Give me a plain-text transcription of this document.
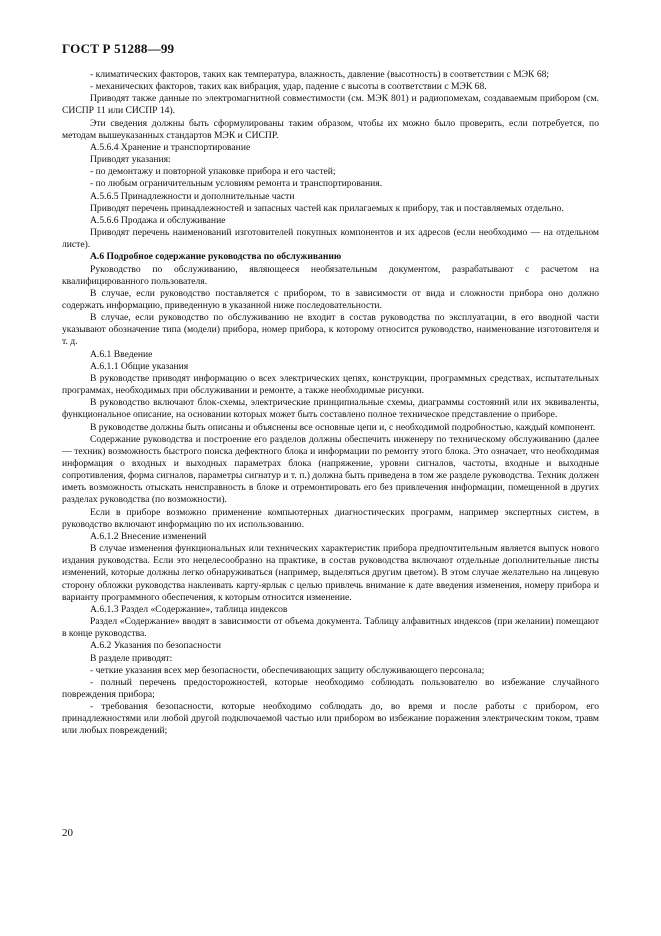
ГОСТ Р 51288—99

- климатических факторов, таких как температура, влажность, давление (высотность) в соответствии с МЭК 68;

- механических факторов, таких как вибрация, удар, падение с высоты в соответствии с МЭК 68.

Приводят также данные по электромагнитной совместимости (см. МЭК 801) и радиопомехам, создаваемым прибором (см. СИСПР 11 или СИСПР 14).

Эти сведения должны быть сформулированы таким образом, чтобы их можно было проверить, если потребуется, по методам вышеуказанных стандартов МЭК и СИСПР.

А.5.6.4 Хранение и транспортирование

Приводят указания:

- по демонтажу и повторной упаковке прибора и его частей;

- по любым ограничительным условиям ремонта и транспортирования.

А.5.6.5 Принадлежности и дополнительные части

Приводят перечень принадлежностей и запасных частей как прилагаемых к прибору, так и поставляемых отдельно.

А.5.6.6 Продажа и обслуживание

Приводят перечень наименований изготовителей покупных компонентов и их адресов (если необходимо — на отдельном листе).

А.6 Подробное содержание руководства по обслуживанию

Руководство по обслуживанию, являющееся необязательным документом, разрабатывают с расчетом на квалифицированного пользователя.

В случае, если руководство поставляется с прибором, то в зависимости от вида и сложности прибора оно должно содержать информацию, приведенную в указанной ниже последовательности.

В случае, если руководство по обслуживанию не входит в состав руководства по эксплуатации, в его вводной части указывают обозначение типа (модели) прибора, номер прибора, к которому относится руководство, наименование изготовителя и т. д.

А.6.1 Введение

А.6.1.1 Общие указания

В руководстве приводят информацию о всех электрических цепях, конструкции, программных средствах, испытательных программах, необходимых при обслуживании и ремонте, а также необходимые рисунки.

В руководство включают блок-схемы, электрические принципиальные схемы, диаграммы состояний или их эквиваленты, функциональное описание, на основании которых может быть составлено полное техническое представление о приборе.

В руководстве должны быть описаны и объяснены все основные цепи и, с необходимой подробностью, каждый компонент.

Содержание руководства и построение его разделов должны обеспечить инженеру по техническому обслуживанию (далее — техник) возможность быстрого поиска дефектного блока и информации по ремонту этого блока. Это означает, что необходимая информация о входных и выходных параметрах блока (напряжение, уровни сигналов, частоты, входные и выходные сопротивления, форма сигналов, параметры сигнатур и т. п.) должна быть приведена в том же разделе руководства. Техник должен иметь возможность отыскать неисправность в блоке и отремонтировать его без привлечения информации, помещенной в других разделах руководства (по возможности).

Если в приборе возможно применение компьютерных диагностических программ, например экспертных систем, в руководство включают информацию по их использованию.

А.6.1.2 Внесение изменений

В случае изменения функциональных или технических характеристик прибора предпочтительным является выпуск нового издания руководства. Если это нецелесообразно на практике, в состав руководства включают отдельные дополнительные листы изменений, которые должны легко обнаруживаться (например, выделяться другим цветом). В этом случае желательно на лицевую сторону обложки руководства наклеивать карту-ярлык с целью привлечь внимание к дате введения изменения, номеру прибора и варианту программного обеспечения, к которым относится изменение.

А.6.1.3 Раздел «Содержание», таблица индексов

Раздел «Содержание» вводят в зависимости от объема документа. Таблицу алфавитных индексов (при желании) помещают в конце руководства.

А.6.2 Указания по безопасности

В разделе приводят:

- четкие указания всех мер безопасности, обеспечивающих защиту обслуживающего персонала;

- полный перечень предосторожностей, которые необходимо соблюдать пользователю во избежание случайного повреждения прибора;

- требования безопасности, которые необходимо соблюдать до, во время и после работы с прибором, его принадлежностями или любой другой подключаемой частью или прибором во избежание поражения электрическим током, травм или любых повреждений;

20
